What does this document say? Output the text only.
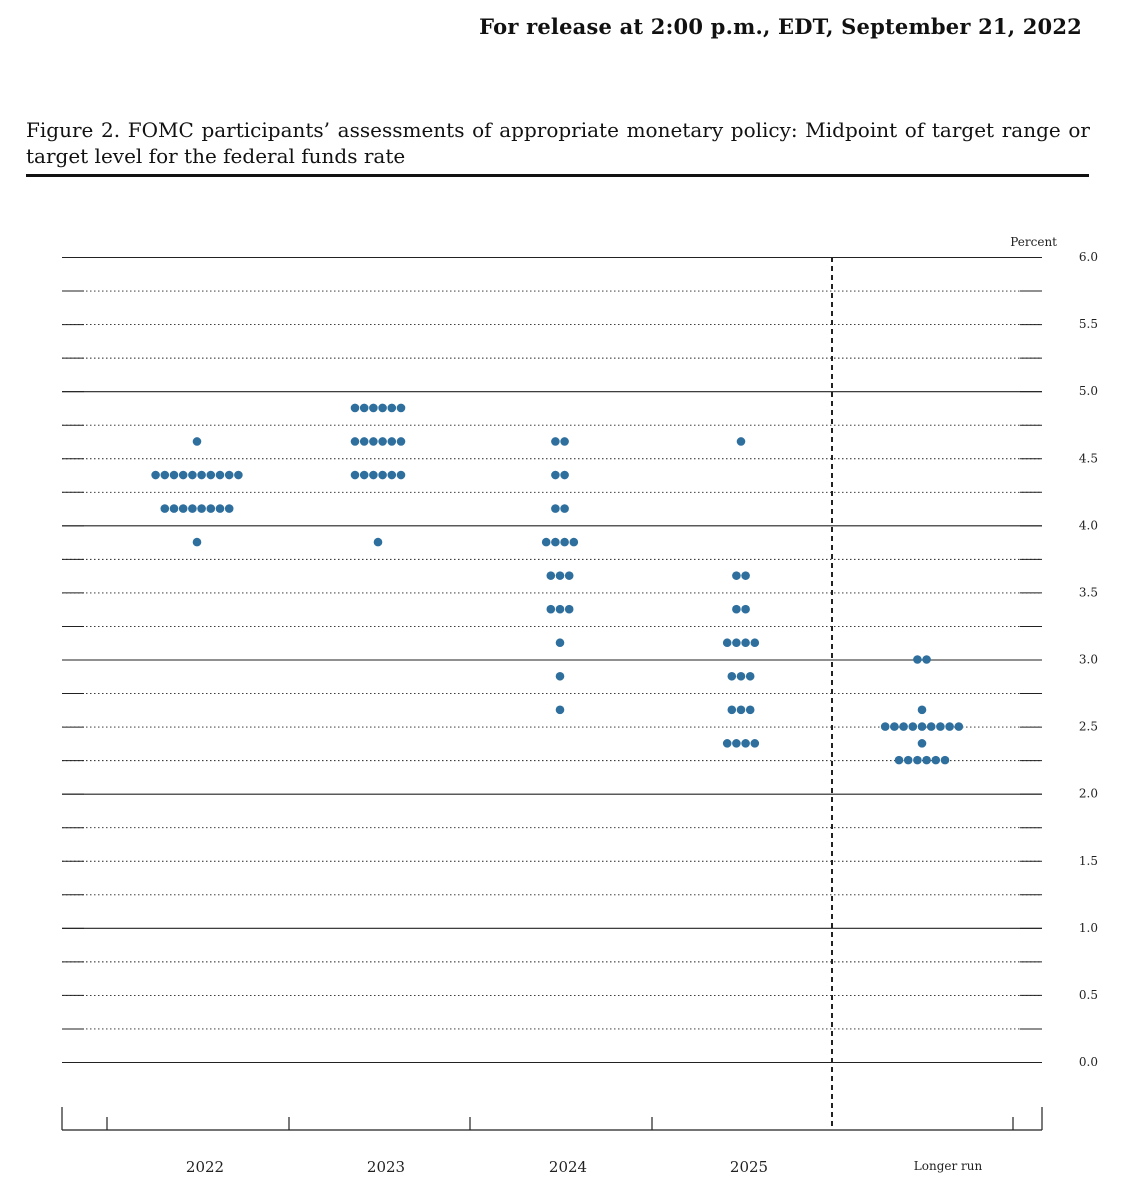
For release at 2:00 p.m., EDT, September 21, 2022
Figure 2. FOMC participants’ assessments of appropriate monetary policy: Midpoint of target range or target level for the federal funds rate
6.0
5.5
5.0
4.5
4.0
3.5
3.0
2.5
2.0
1.5
1.0
0.5
0.0
Percent
2022	2023	2024	2025	Longer run
